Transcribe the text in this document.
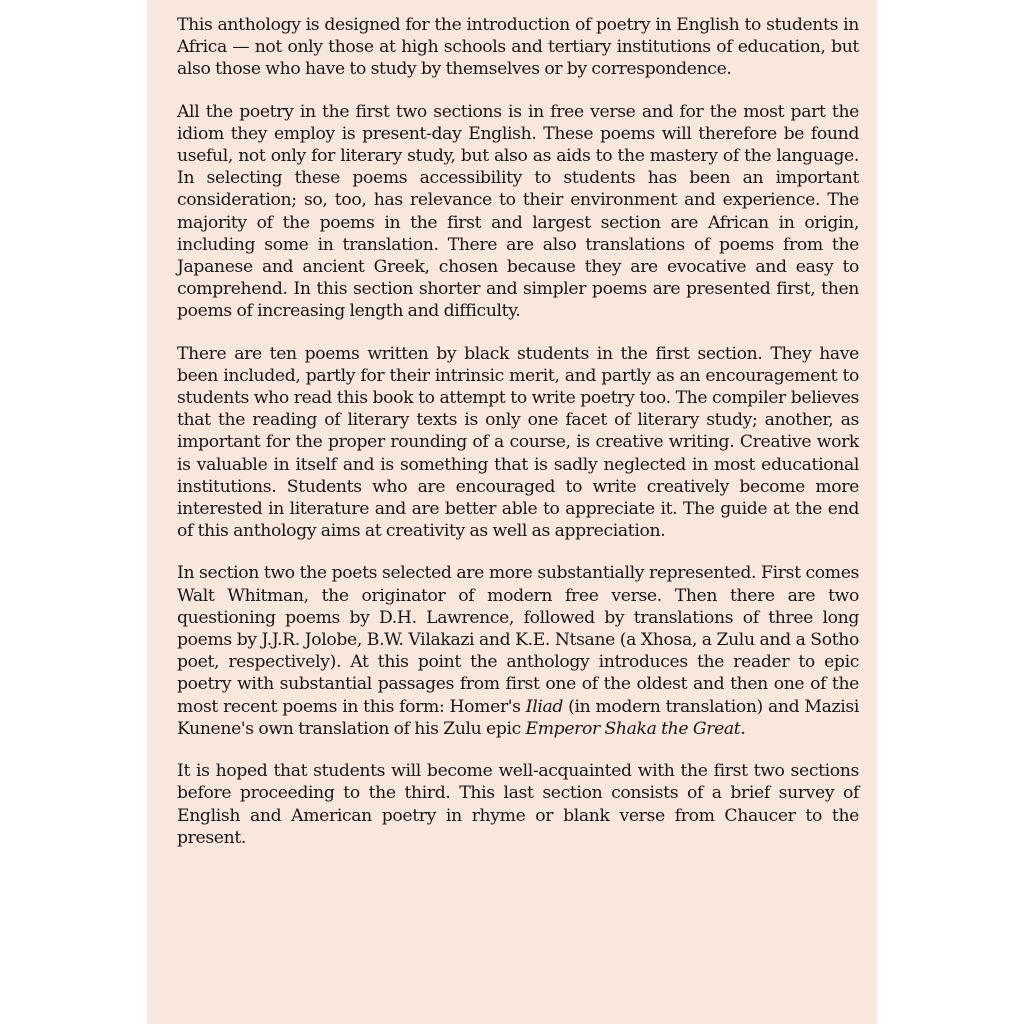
This anthology is designed for the introduction of poetry in English to students in Africa — not only those at high schools and tertiary institutions of education, but also those who have to study by themselves or by correspondence.

All the poetry in the first two sections is in free verse and for the most part the idiom they employ is present-day English. These poems will therefore be found useful, not only for literary study, but also as aids to the mastery of the language. In selecting these poems accessibility to students has been an important consideration; so, too, has relevance to their environment and experience. The majority of the poems in the first and largest section are African in origin, including some in translation. There are also translations of poems from the Japanese and ancient Greek, chosen because they are evocative and easy to comprehend. In this section shorter and simpler poems are presented first, then poems of increasing length and difficulty.

There are ten poems written by black students in the first section. They have been included, partly for their intrinsic merit, and partly as an encouragement to students who read this book to attempt to write poetry too. The compiler believes that the reading of literary texts is only one facet of literary study; another, as important for the proper rounding of a course, is creative writing. Creative work is valuable in itself and is something that is sadly neglected in most educational institutions. Students who are encouraged to write creatively become more interested in literature and are better able to appreciate it. The guide at the end of this anthology aims at creativity as well as appreciation.

In section two the poets selected are more substantially represented. First comes Walt Whitman, the originator of modern free verse. Then there are two questioning poems by D.H. Lawrence, followed by translations of three long poems by J.J.R. Jolobe, B.W. Vilakazi and K.E. Ntsane (a Xhosa, a Zulu and a Sotho poet, respectively). At this point the anthology introduces the reader to epic poetry with substantial passages from first one of the oldest and then one of the most recent poems in this form: Homer's Iliad (in modern translation) and Mazisi Kunene's own translation of his Zulu epic Emperor Shaka the Great.

It is hoped that students will become well-acquainted with the first two sections before proceeding to the third. This last section consists of a brief survey of English and American poetry in rhyme or blank verse from Chaucer to the present.
